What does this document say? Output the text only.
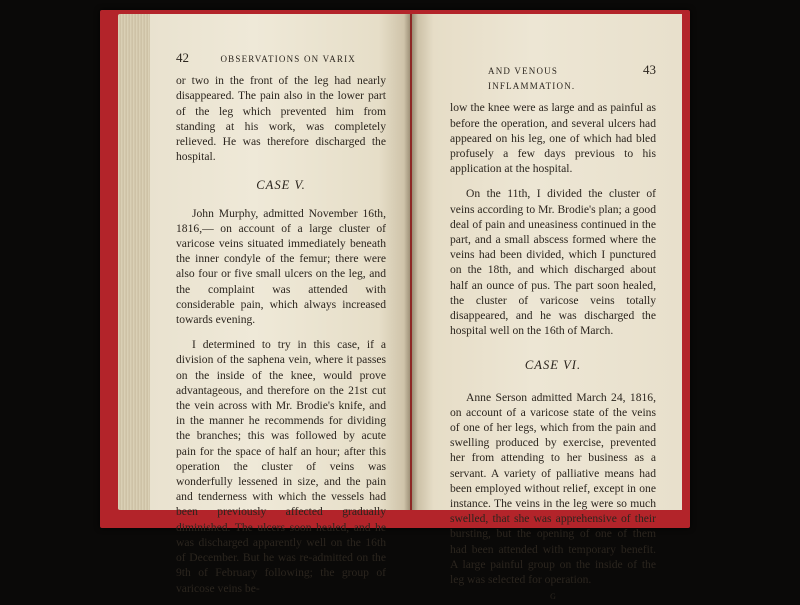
42	OBSERVATIONS ON VARIX

or two in the front of the leg had nearly disappeared. The pain also in the lower part of the leg which prevented him from standing at his work, was completely relieved. He was therefore discharged the hospital.

CASE V.

John Murphy, admitted November 16th, 1816,— on account of a large cluster of varicose veins situated immediately beneath the inner condyle of the femur; there were also four or five small ulcers on the leg, and the complaint was attended with considerable pain, which always increased towards evening.

I determined to try in this case, if a division of the saphena vein, where it passes on the inside of the knee, would prove advantageous, and therefore on the 21st cut the vein across with Mr. Brodie's knife, and in the manner he recommends for dividing the branches; this was followed by acute pain for the space of half an hour; after this operation the cluster of veins was wonderfully lessened in size, and the pain and tenderness with which the vessels had been previously affected gradually diminished. The ulcers soon healed, and he was discharged apparently well on the 16th of December. But he was re-admitted on the 9th of February following; the group of varicose veins be-

AND VENOUS INFLAMMATION.
43

low the knee were as large and as painful as before the operation, and several ulcers had appeared on his leg, one of which had bled profusely a few days previous to his application at the hospital.

On the 11th, I divided the cluster of veins according to Mr. Brodie's plan; a good deal of pain and uneasiness continued in the part, and a small abscess formed where the veins had been divided, which I punctured on the 18th, and which discharged about half an ounce of pus. The part soon healed, the cluster of varicose veins totally disappeared, and he was discharged the hospital well on the 16th of March.

CASE VI.

Anne Serson admitted March 24, 1816, on account of a varicose state of the veins of one of her legs, which from the pain and swelling produced by exercise, prevented her from attending to her business as a servant. A variety of palliative means had been employed without relief, except in one instance. The veins in the leg were so much swelled, that she was apprehensive of their bursting, but the opening of one of them had been attended with temporary benefit. A large painful group on the inside of the leg was selected for operation.

G
